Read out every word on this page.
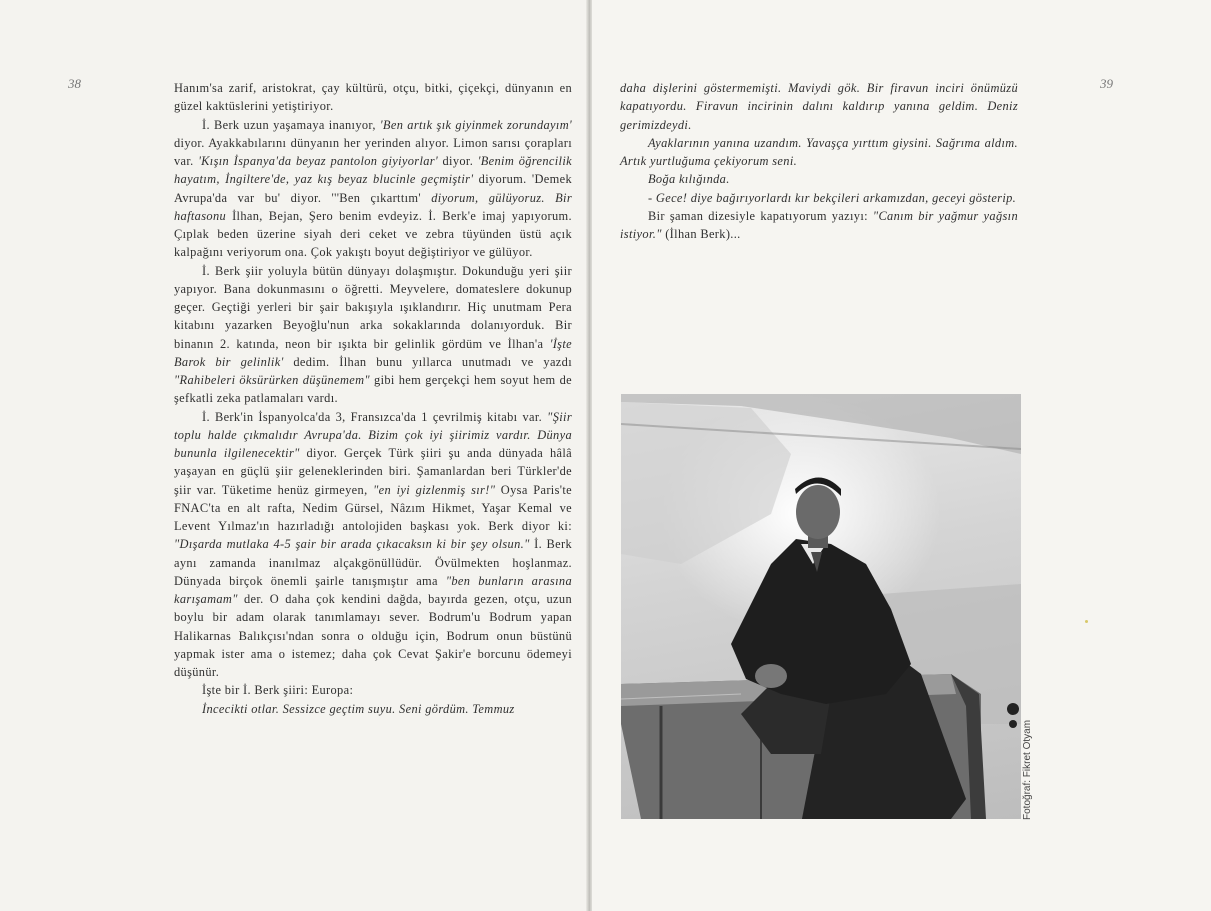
38	Hanım'sa zarif, aristokrat, çay kültürü, otçu, bitki, çiçekçi, dünyanın en güzel kaktüslerini yetiştiriyor.

İ. Berk uzun yaşamaya inanıyor, 'Ben artık şık giyinmek zorundayım' diyor. Ayakkabılarını dünyanın her yerinden alıyor. Limon sarısı çorapları var. 'Kışın İspanya'da beyaz pantolon giyiyorlar' diyor. 'Benim öğrencilik hayatım, İngiltere'de, yaz kış beyaz blucinle geçmiştir' diyorum. 'Demek Avrupa'da var bu' diyor. '''Ben çıkarttım' diyorum, gülüyoruz. Bir haftasonu İlhan, Bejan, Şero benim evdeyiz. İ. Berk'e imaj yapıyorum. Çıplak beden üzerine siyah deri ceket ve zebra tüyünden üstü açık kalpağını veriyorum ona. Çok yakıştı boyut değiştiriyor ve gülüyor.

İ. Berk şiir yoluyla bütün dünyayı dolaşmıştır. Dokunduğu yeri şiir yapıyor. Bana dokunmasını o öğretti. Meyvelere, domateslere dokunup geçer. Geçtiği yerleri bir şair bakışıyla ışıklandırır. Hiç unutmam Pera kitabını yazarken Beyoğlu'nun arka sokaklarında dolanıyorduk. Bir binanın 2. katında, neon bir ışıkta bir gelinlik gördüm ve İlhan'a 'İşte Barok bir gelinlik' dedim. İlhan bunu yıllarca unutmadı ve yazdı "Rahibeleri öksürürken düşünemem" gibi hem gerçekçi hem soyut hem de şefkatli zeka patlamaları vardı.

İ. Berk'in İspanyolca'da 3, Fransızca'da 1 çevrilmiş kitabı var. "Şiir toplu halde çıkmalıdır Avrupa'da. Bizim çok iyi şiirimiz vardır. Dünya bununla ilgilenecektir" diyor. Gerçek Türk şiiri şu anda dünyada hâlâ yaşayan en güçlü şiir geleneklerinden biri. Şamanlardan beri Türkler'de şiir var. Tüketime henüz girmeyen, "en iyi gizlenmiş sır!" Oysa Paris'te FNAC'ta en alt rafta, Nedim Gürsel, Nâzım Hikmet, Yaşar Kemal ve Levent Yılmaz'ın hazırladığı antolojiden başkası yok. Berk diyor ki: "Dışarda mutlaka 4-5 şair bir arada çıkacaksın ki bir şey olsun." İ. Berk aynı zamanda inanılmaz alçakgönüllüdür. Övülmekten hoşlanmaz. Dünyada birçok önemli şairle tanışmıştır ama "ben bunların arasına karışamam" der. O daha çok kendini dağda, bayırda gezen, otçu, uzun boylu bir adam olarak tanımlamayı sever. Bodrum'u Bodrum yapan Halikarnas Balıkçısı'ndan sonra o olduğu için, Bodrum onun büstünü yapmak ister ama o istemez; daha çok Cevat Şakir'e borcunu ödemeyi düşünür.

İşte bir İ. Berk şiiri: Europa:

İncecikti otlar. Sessizce geçtim suyu. Seni gördüm. Temmuz

39

daha dişlerini göstermemişti. Maviydi gök. Bir firavun inciri önümüzü kapatıyordu. Firavun incirinin dalını kaldırıp yanına geldim. Deniz gerimizdeydi.

Ayaklarının yanına uzandım. Yavaşça yırttım giysini. Sağrıma aldım. Artık yurtluğuma çekiyorum seni.

Boğa kılığında.

- Gece! diye bağırıyorlardı kır bekçileri arkamızdan, geceyi gösterip.

Bir şaman dizesiyle kapatıyorum yazıyı: "Canım bir yağmur yağsın istiyor." (İlhan Berk)...

Fotoğraf: Fikret Otyam
